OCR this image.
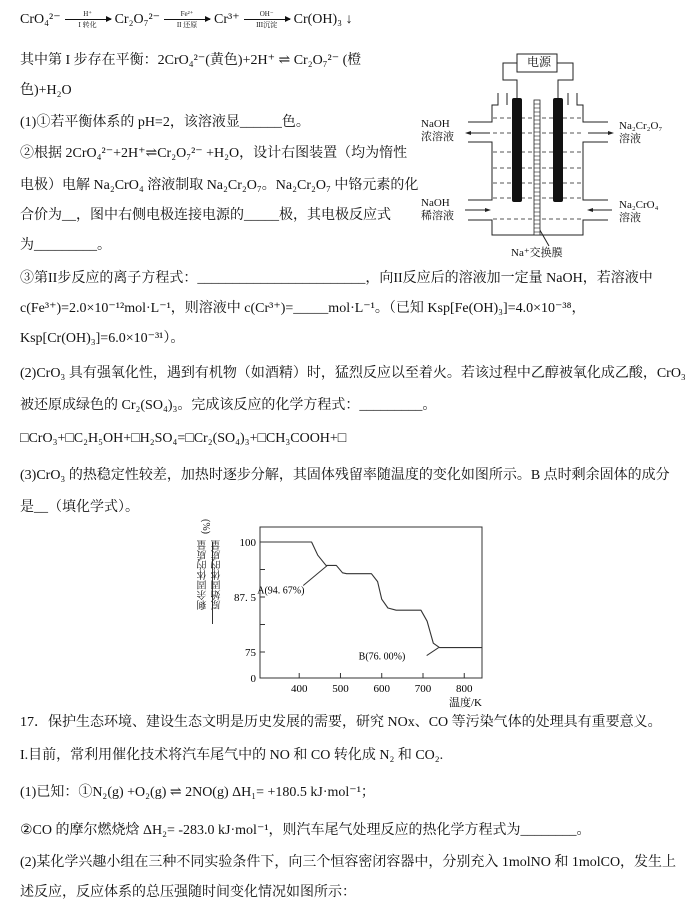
CrO₄²⁻	H⁺
I 转化 Cr₂O₇²⁻	Fe²⁺
II 还原 Cr³⁺	OH⁻
III沉淀 Cr(OH)₃ ↓
其中第 I 步存在平衡：2CrO₄²⁻(黄色)+2H⁺ ⇌ Cr₂O₇²⁻ (橙
色)+H₂O
(1)①若平衡体系的 pH=2，该溶液显______色。
②根据 2CrO₄²⁻+2H⁺⇌Cr₂O₇²⁻ +H₂O，设计右图装置（均为惰性
电极）电解 Na₂CrO₄ 溶液制取 Na₂Cr₂O₇。Na₂Cr₂O₇ 中铬元素的化
合价为__，图中右侧电极连接电源的_____极，其电极反应式
为_________。
③第II步反应的离子方程式：________________________，向II反应后的溶液加一定量 NaOH，若溶液中
c(Fe³⁺)=2.0×10⁻¹²mol·L⁻¹，则溶液中 c(Cr³⁺)=_____mol·L⁻¹。（已知 Ksp[Fe(OH)₃]=4.0×10⁻³⁸，
Ksp[Cr(OH)₃]=6.0×10⁻³¹）。
(2)CrO₃ 具有强氧化性，遇到有机物（如酒精）时，猛烈反应以至着火。若该过程中乙醇被氧化成乙酸，CrO₃
被还原成绿色的 Cr₂(SO₄)₃。完成该反应的化学方程式：_________。
□CrO₃+□C₂H₅OH+□H₂SO₄=□Cr₂(SO₄)₃+□CH₃COOH+□
(3)CrO₃ 的热稳定性较差，加热时逐步分解，其固体残留率随温度的变化如图所示。B 点时剩余固体的成分
是__（填化学式）。
17．保护生态环境、建设生态文明是历史发展的需要，研究 NOx、CO 等污染气体的处理具有重要意义。
I.目前，常利用催化技术将汽车尾气中的 NO 和 CO 转化成 N₂ 和 CO₂.
(1)已知：①N₂(g) +O₂(g) ⇌ 2NO(g) ΔH₁= +180.5 kJ·mol⁻¹；
②CO 的摩尔燃烧焓 ΔH₂= -283.0 kJ·mol⁻¹，则汽车尾气处理反应的热化学方程式为________。
(2)某化学兴趣小组在三种不同实验条件下，向三个恒容密闭容器中，分别充入 1molNO 和 1molCO，发生上
述反应，反应体系的总压强随时间变化情况如图所示：
电源
NaOH
浓溶液
Na₂Cr₂O₇
溶液
NaOH
稀溶液
Na₂CrO₄
溶液
Na⁺交换膜
400 500 600 700 800
100
87. 5
75
0
A(94. 67%)
B(76. 00%)
温度/K
剩余固体的质量 原始固体的质量
(%)
